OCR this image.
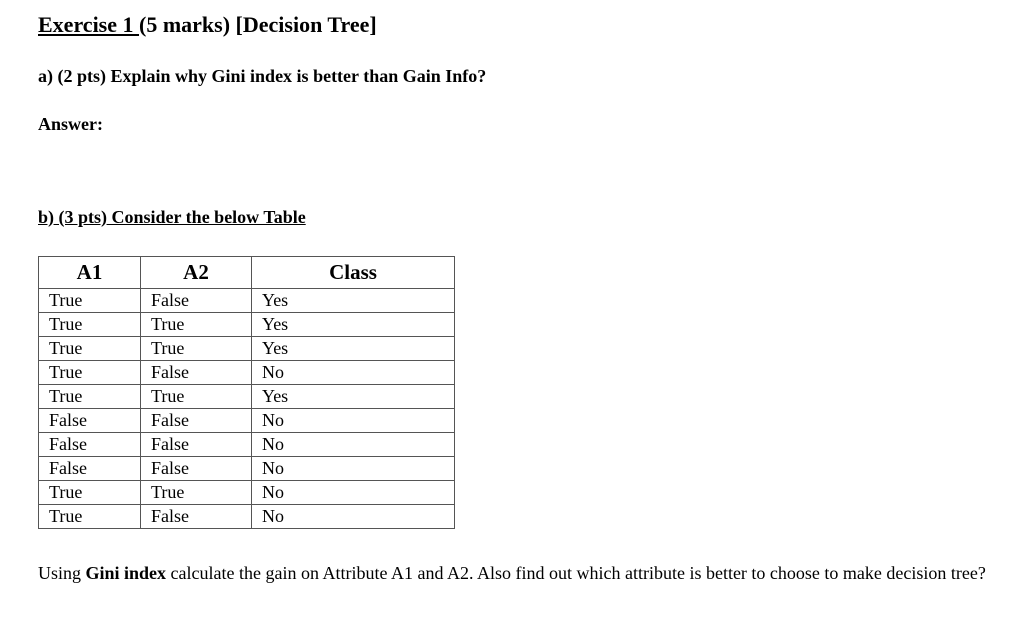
Exercise 1 (5 marks) [Decision Tree]
a) (2 pts) Explain why Gini index is better than Gain Info?
Answer:
b) (3 pts) Consider the below Table
A1	A2	Class
True	False	Yes
True	True	Yes
True	True	Yes
True	False	No
True	True	Yes
False	False	No
False	False	No
False	False	No
True	True	No
True	False	No
Using Gini index calculate the gain on Attribute A1 and A2. Also find out which attribute is better to choose to make decision tree?
